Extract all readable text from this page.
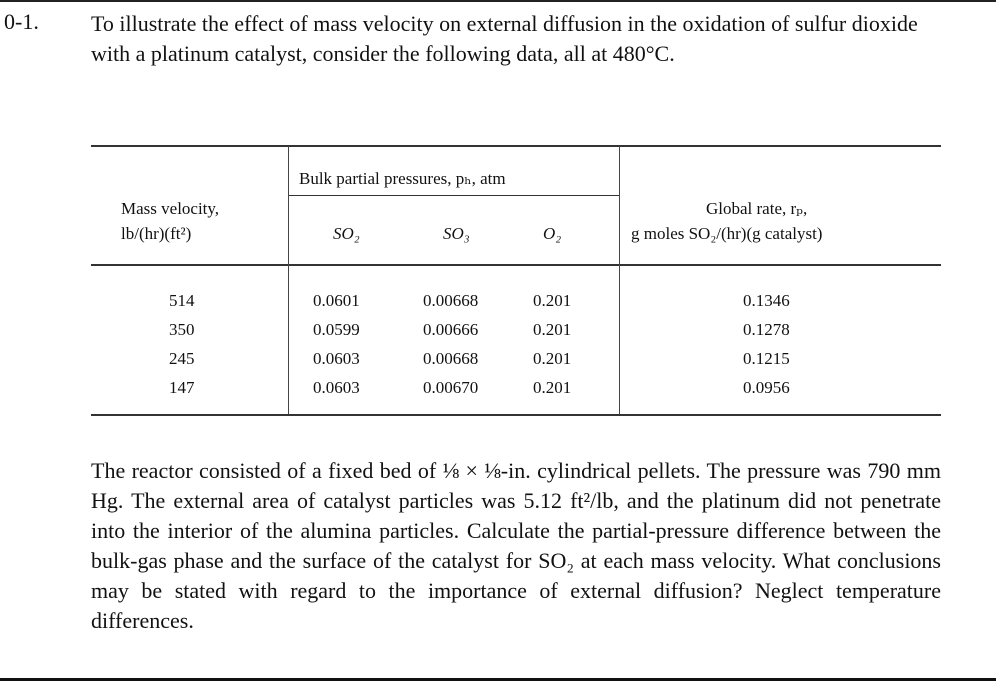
0-1. To illustrate the effect of mass velocity on external diffusion in the oxidation of sulfur dioxide with a platinum catalyst, consider the following data, all at 480°C.
Bulk partial pressures, pₕ, atm
Mass velocity,
lb/(hr)(ft²)
Global rate, rₚ,
g moles SO₂/(hr)(g catalyst)
SO₂	SO₃	O₂
514
350
245
147
0.0601
0.0599
0.0603
0.0603
0.00668
0.00666
0.00668
0.00670
0.201
0.201
0.201
0.201
0.1346
0.1278
0.1215
0.0956
The reactor consisted of a fixed bed of ⅛ × ⅛-in. cylindrical pellets. The pressure was 790 mm Hg. The external area of catalyst particles was 5.12 ft²/lb, and the platinum did not penetrate into the interior of the alumina particles. Calculate the partial-pressure difference between the bulk-gas phase and the surface of the catalyst for SO₂ at each mass velocity. What conclusions may be stated with regard to the importance of external diffusion? Neglect temperature differences.
